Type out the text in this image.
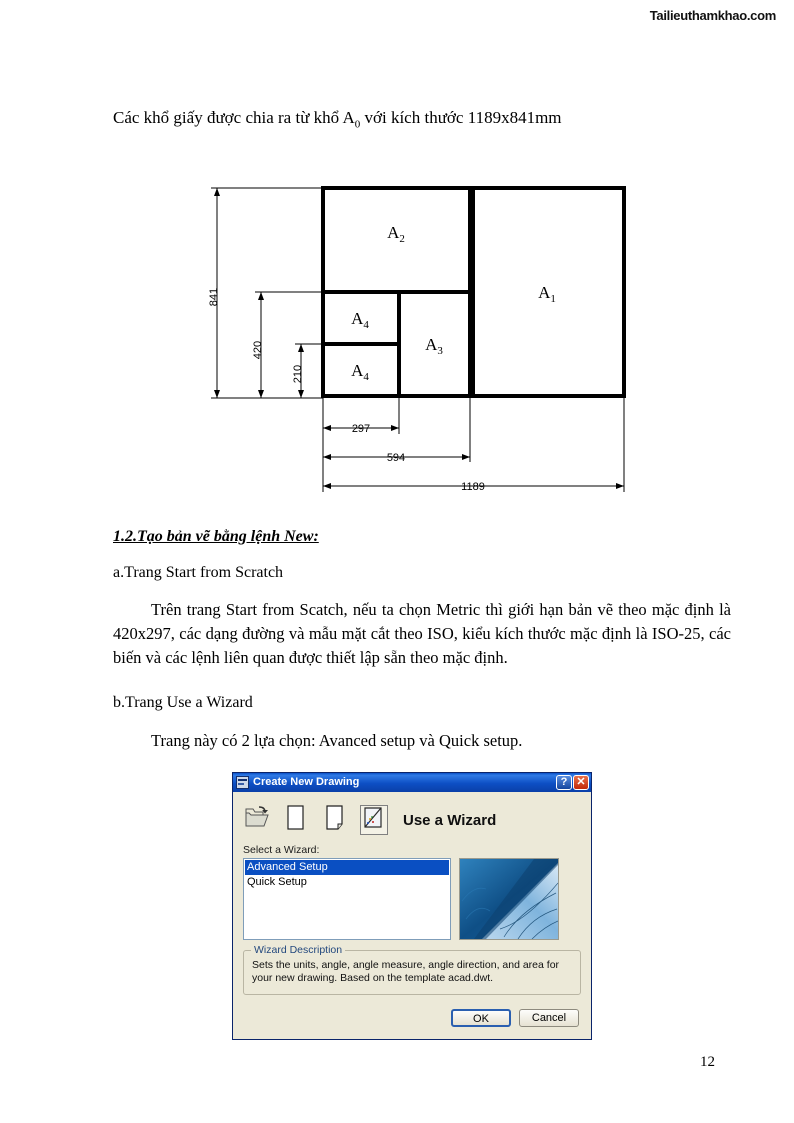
Tailieuthamkhao.com
Các khổ giấy được chia ra từ khổ $A_0$ với kích thước 1189x841mm
$A_2$
$A_4$
$A_4$
$A_3$
$A_1$
841
420
210
297
594
1189
1.2.Tạo bản vẽ bằng lệnh New:
a.Trang Start from Scratch
Trên trang Start from Scatch, nếu ta chọn Metric thì giới hạn bản vẽ theo mặc định là 420x297, các dạng đường và mẫu mặt cắt theo ISO, kiểu kích thước mặc định là ISO-25, các biến và các lệnh liên quan được thiết lập sẵn theo mặc định.
b.Trang Use a Wizard
Trang này có 2 lựa chọn: Avanced setup và Quick setup.
Create New Drawing	? ✕
Use a Wizard
Select a Wizard:
Advanced Setup
Quick Setup
Wizard Description
Sets the units, angle, angle measure, angle direction, and area for your new drawing. Based on the template acad.dwt.
OK	Cancel
12
